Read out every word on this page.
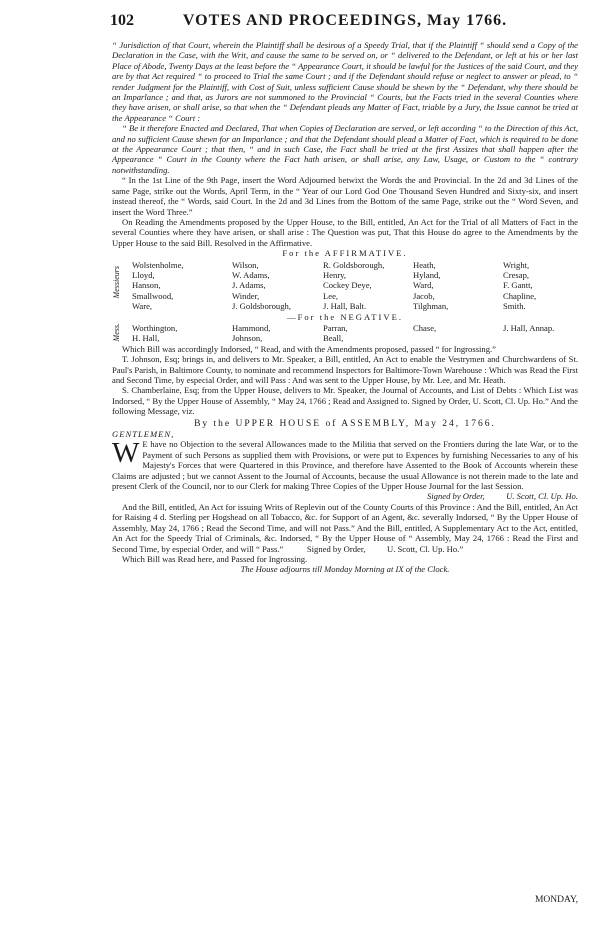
102	VOTES AND PROCEEDINGS, May 1766.

“ Jurisdiction of that Court, wherein the Plaintiff shall be desirous of a Speedy Trial, that if the Plaintiff “ should send a Copy of the Declaration in the Case, with the Writ, and cause the same to be served on, or “ delivered to the Defendant, or left at his or her last Place of Abode, Twenty Days at the least before the “ Appearance Court, it should be lawful for the Justices of the said Court, and they are by that Act required “ to proceed to Trial the same Court ; and if the Defendant should refuse or neglect to answer or plead, to “ render Judgment for the Plaintiff, with Cost of Suit, unless sufficient Cause should be shewn by the “ Defendant, why there should be an Imparlance ; and that, as Jurors are not summoned to the Provincial “ Courts, but the Facts tried in the several Counties where they have arisen, or shall arise, so that when the “ Defendant pleads any Matter of Fact, triable by a Jury, the Issue cannot be tried at the Appearance “ Court :

“ Be it therefore Enacted and Declared, That when Copies of Declaration are served, or left according “ to the Direction of this Act, and no sufficient Cause shewn for an Imparlance ; and that the Defendant should plead a Matter of Fact, which is required to be done at the Appearance Court ; that then, “ and in such Case, the Fact shall be tried at the first Assizes that shall happen after the Appearance “ Court in the County where the Fact hath arisen, or shall arise, any Law, Usage, or Custom to the “ contrary notwithstanding.

“ In the 1st Line of the 9th Page, insert the Word Adjourned betwixt the Words the and Provincial. In the 2d and 3d Lines of the same Page, strike out the Words, April Term, in the “ Year of our Lord God One Thousand Seven Hundred and Sixty-six, and insert instead thereof, the “ Words, said Court. In the 2d and 3d Lines from the Bottom of the same Page, strike out the “ Word Seven, and insert the Word Three.”

On Reading the Amendments proposed by the Upper House, to the Bill, entitled, An Act for the Trial of all Matters of Fact in the several Counties where they have arisen, or shall arise : The Question was put, That this House do agree to the Amendments by the Upper House to the said Bill. Resolved in the Affirmative.

For the AFFIRMATIVE.

Messieurs	Wolstenholme,	Wilson,	R. Goldsborough,	Heath,	Wright,
	Lloyd,	W. Adams,	Henry,	Hyland,	Cresap,
	Hanson,	J. Adams,	Cockey Deye,	Ward,	F. Gantt,
	Smallwood,	Winder,	Lee,	Jacob,	Chapline,
	Ware,	J. Goldsborough,	J. Hall, Balt.	Tilghman,	Smith.

—For the NEGATIVE.

Mess.	Worthington,	Hammond,	Parran,	Chase,	J. Hall, Annap.
	H. Hall,	Johnson,	Beall,		

Which Bill was accordingly Indorsed, “ Read, and with the Amendments proposed, passed “ for Ingrossing.”

T. Johnson, Esq; brings in, and delivers to Mr. Speaker, a Bill, entitled, An Act to enable the Vestrymen and Churchwardens of St. Paul's Parish, in Baltimore County, to nominate and recommend Inspectors for Baltimore-Town Warehouse : Which was Read the First and Second Time, by especial Order, and will Pass : And was sent to the Upper House, by Mr. Lee, and Mr. Heath.

S. Chamberlaine, Esq; from the Upper House, delivers to Mr. Speaker, the Journal of Accounts, and List of Debts : Which List was Indorsed, “ By the Upper House of Assembly, “ May 24, 1766 ; Read and Assigned to. Signed by Order, U. Scott, Cl. Up. Ho.” And the following Message, viz.

By the UPPER HOUSE of ASSEMBLY, May 24, 1766.

GENTLEMEN,

W E have no Objection to the several Allowances made to the Militia that served on the Frontiers during the late War, or to the Payment of such Persons as supplied them with Provisions, or were put to Expences by furnishing Necessaries to any of his Majesty's Forces that were Quartered in this Province, and therefore have Assented to the Book of Accounts wherein these Claims are adjusted ; but we cannot Assent to the Journal of Accounts, because the usual Allowance is not therein made to the late and present Clerk of the Council, nor to our Clerk for making Three Copies of the Upper House Journal for the last Session.

Signed by Order,          U. Scott, Cl. Up. Ho.

And the Bill, entitled, An Act for issuing Writs of Replevin out of the County Courts of this Province : And the Bill, entitled, An Act for Raising 4 d. Sterling per Hogshead on all Tobacco, &c. for Support of an Agent, &c. severally Indorsed, “ By the Upper House of Assembly, May 24, 1766 ; Read the Second Time, and will not Pass.” And the Bill, entitled, A Supplementary Act to the Act, entitled, An Act for the Speedy Trial of Criminals, &c. Indorsed, “ By the Upper House of “ Assembly, May 24, 1766 : Read the First and Second Time, by especial Order, and will “ Pass.”           Signed by Order,          U. Scott, Cl. Up. Ho.”

Which Bill was Read here, and Passed for Ingrossing.

The House adjourns till Monday Morning at IX of the Clock.

MONDAY,
